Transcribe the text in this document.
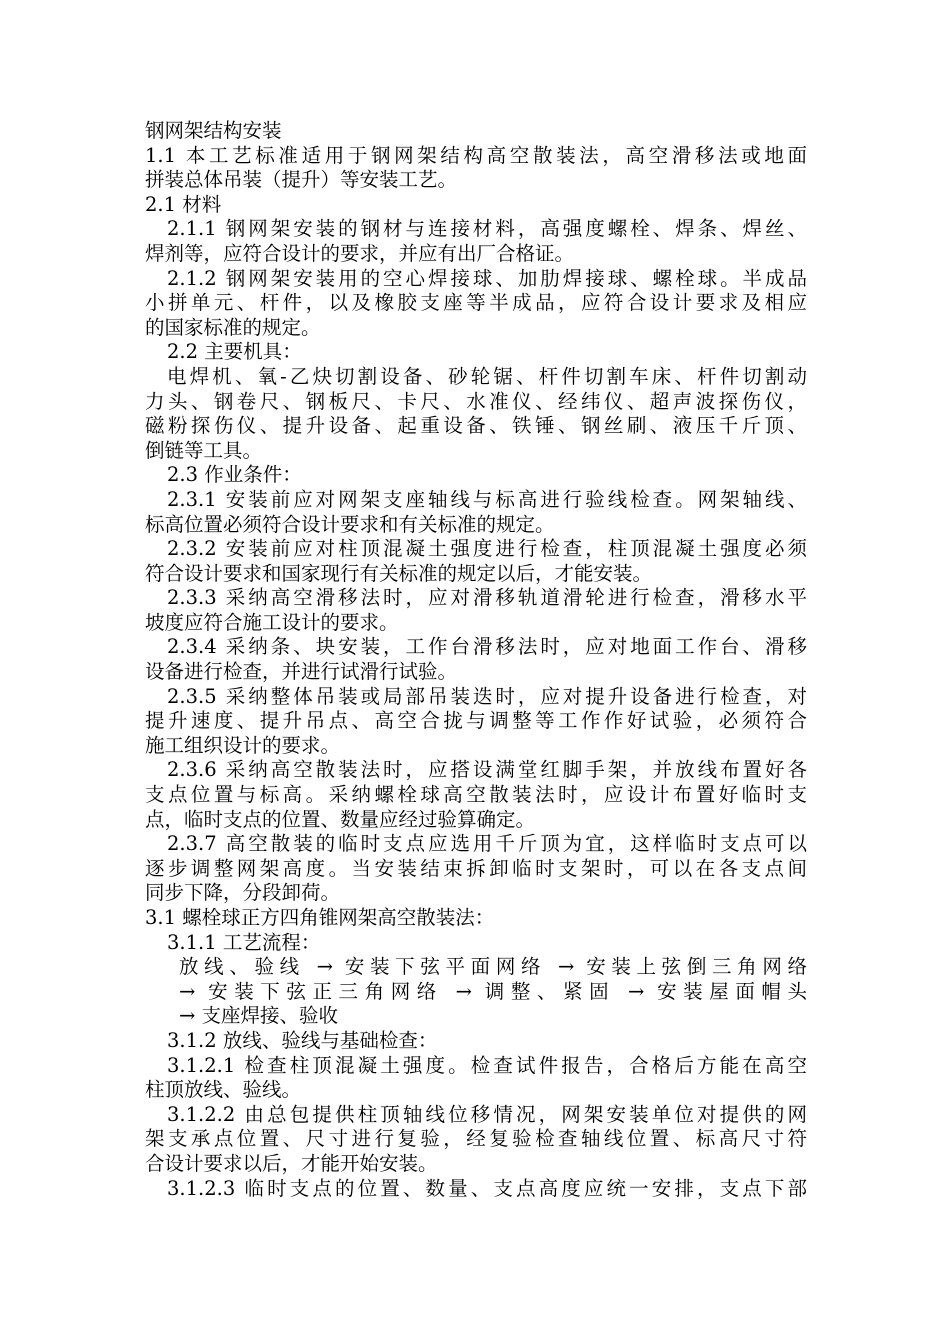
钢网架结构安装
1.1 本工艺标准适用于钢网架结构高空散装法，高空滑移法或地面
拼装总体吊装（提升）等安装工艺。
2.1 材料
2.1.1 钢网架安装的钢材与连接材料，高强度螺栓、焊条、焊丝、
焊剂等，应符合设计的要求，并应有出厂合格证。
2.1.2 钢网架安装用的空心焊接球、加肋焊接球、螺栓球。半成品
小拼单元、杆件，以及橡胶支座等半成品，应符合设计要求及相应
的国家标准的规定。
2.2 主要机具：
电焊机、氧-乙炔切割设备、砂轮锯、杆件切割车床、杆件切割动
力头、钢卷尺、钢板尺、卡尺、水准仪、经纬仪、超声波探伤仪，
磁粉探伤仪、提升设备、起重设备、铁锤、钢丝刷、液压千斤顶、
倒链等工具。
2.3 作业条件：
2.3.1 安装前应对网架支座轴线与标高进行验线检查。网架轴线、
标高位置必须符合设计要求和有关标准的规定。
2.3.2 安装前应对柱顶混凝土强度进行检查，柱顶混凝土强度必须
符合设计要求和国家现行有关标准的规定以后，才能安装。
2.3.3 采纳高空滑移法时，应对滑移轨道滑轮进行检查，滑移水平
坡度应符合施工设计的要求。
2.3.4 采纳条、块安装，工作台滑移法时，应对地面工作台、滑移
设备进行检查，并进行试滑行试验。
2.3.5 采纳整体吊装或局部吊装迭时，应对提升设备进行检查，对
提升速度、提升吊点、高空合拢与调整等工作作好试验，必须符合
施工组织设计的要求。
2.3.6 采纳高空散装法时，应搭设满堂红脚手架，并放线布置好各
支点位置与标高。采纳螺栓球高空散装法时，应设计布置好临时支
点，临时支点的位置、数量应经过验算确定。
2.3.7 高空散装的临时支点应选用千斤顶为宜，这样临时支点可以
逐步调整网架高度。当安装结束拆卸临时支架时，可以在各支点间
同步下降，分段卸荷。
3.1 螺栓球正方四角锥网架高空散装法：
3.1.1 工艺流程：
放线、验线 → 安装下弦平面网络 → 安装上弦倒三角网络
→ 安装下弦正三角网络 → 调整、紧固 → 安装屋面帽头
→ 支座焊接、验收
3.1.2 放线、验线与基础检查：
3.1.2.1 检查柱顶混凝土强度。检查试件报告，合格后方能在高空
柱顶放线、验线。
3.1.2.2 由总包提供柱顶轴线位移情况，网架安装单位对提供的网
架支承点位置、尺寸进行复验，经复验检查轴线位置、标高尺寸符
合设计要求以后，才能开始安装。
3.1.2.3 临时支点的位置、数量、支点高度应统一安排，支点下部
